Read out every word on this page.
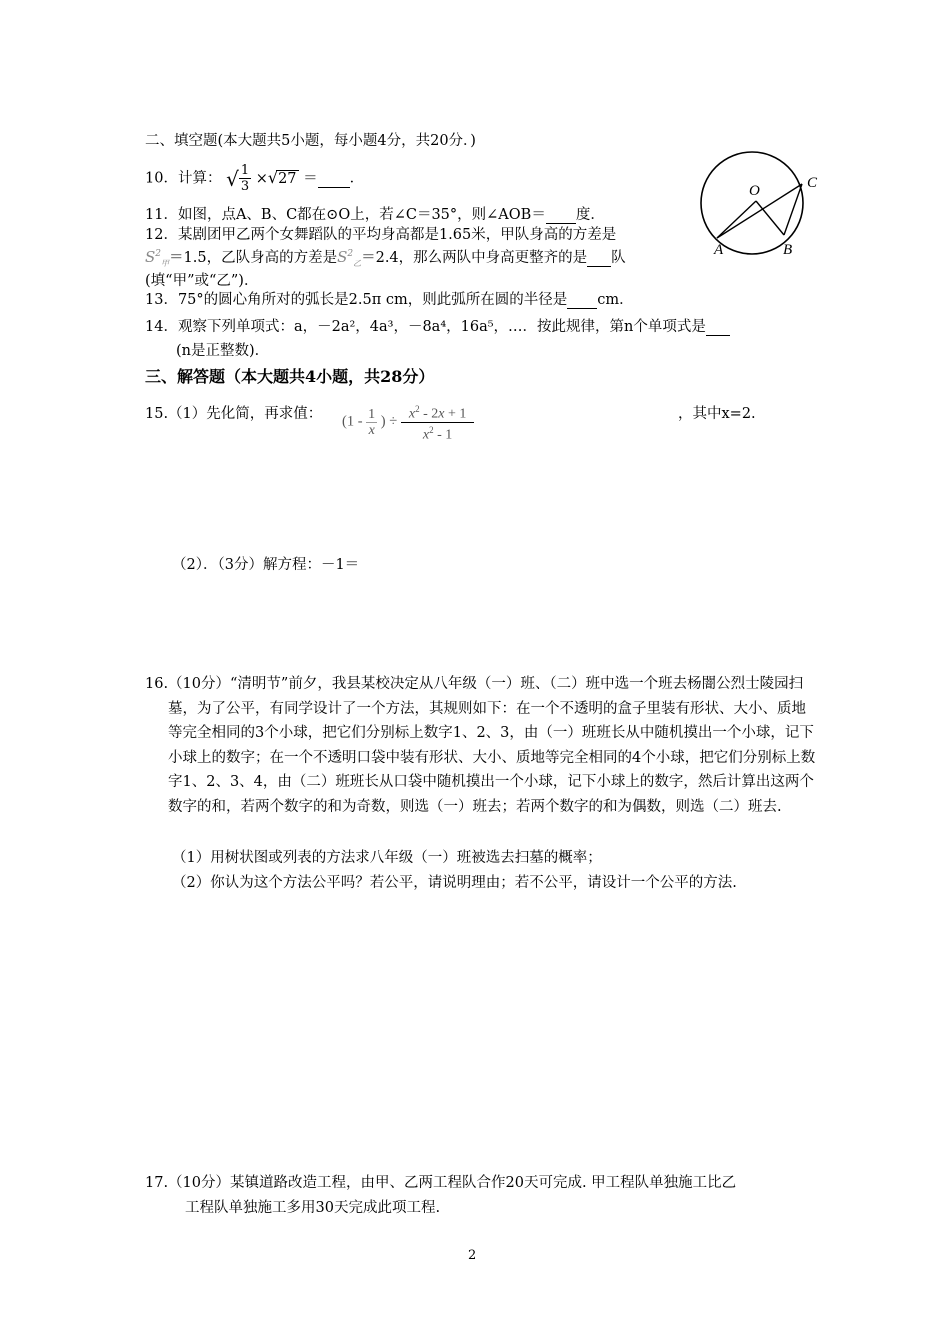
二、填空题(本大题共5小题，每小题4分，共20分．)
10．计算： √ $\frac{1}{3} \times√27$ ＝ ．
11．如图，点A、B、C都在⊙O上，若∠C＝35°，则∠AOB＝ 度．
12．某剧团甲乙两个女舞蹈队的平均身高都是1.65米，甲队身高的方差是
$S^2_甲=1.5$，乙队身高的方差是$S^2_乙=2.4$，那么两队中身高更整齐的是 队
(填“甲”或“乙”)．
13．75°的圆心角所对的弧长是2.5π cm，则此弧所在圆的半径是 cm．
14．观察下列单项式：a，－2a²，4a³，－8a⁴，16a⁵，…．按此规律，第n个单项式是
(n是正整数)．
O
A	B
C
三、解答题（本大题共4小题，共28分）
15.（1）先化简，再求值： ($1 - \frac{1}{x}$ ) ÷ $\frac{x^2 - 2x + 1}{x^2 - 1}$	，其中x=2.
（2）．（3分）解方程：－1＝
16.（10分）“清明节”前夕，我县某校决定从八年级（一）班、（二）班中选一个班去杨闇公烈士陵园扫墓，为了公平，有同学设计了一个方法，其规则如下：在一个不透明的盒子里装有形状、大小、质地等完全相同的3个小球，把它们分别标上数字1、2、3，由（一）班班长从中随机摸出一个小球，记下小球上的数字；在一个不透明口袋中装有形状、大小、质地等完全相同的4个小球，把它们分别标上数字1、2、3、4，由（二）班班长从口袋中随机摸出一个小球，记下小球上的数字，然后计算出这两个数字的和，若两个数字的和为奇数，则选（一）班去；若两个数字的和为偶数，则选（二）班去.
（1）用树状图或列表的方法求八年级（一）班被选去扫墓的概率；
（2）你认为这个方法公平吗？若公平，请说明理由；若不公平，请设计一个公平的方法.
17.（10分）某镇道路改造工程，由甲、乙两工程队合作20天可完成. 甲工程队单独施工比乙
工程队单独施工多用30天完成此项工程.
2
